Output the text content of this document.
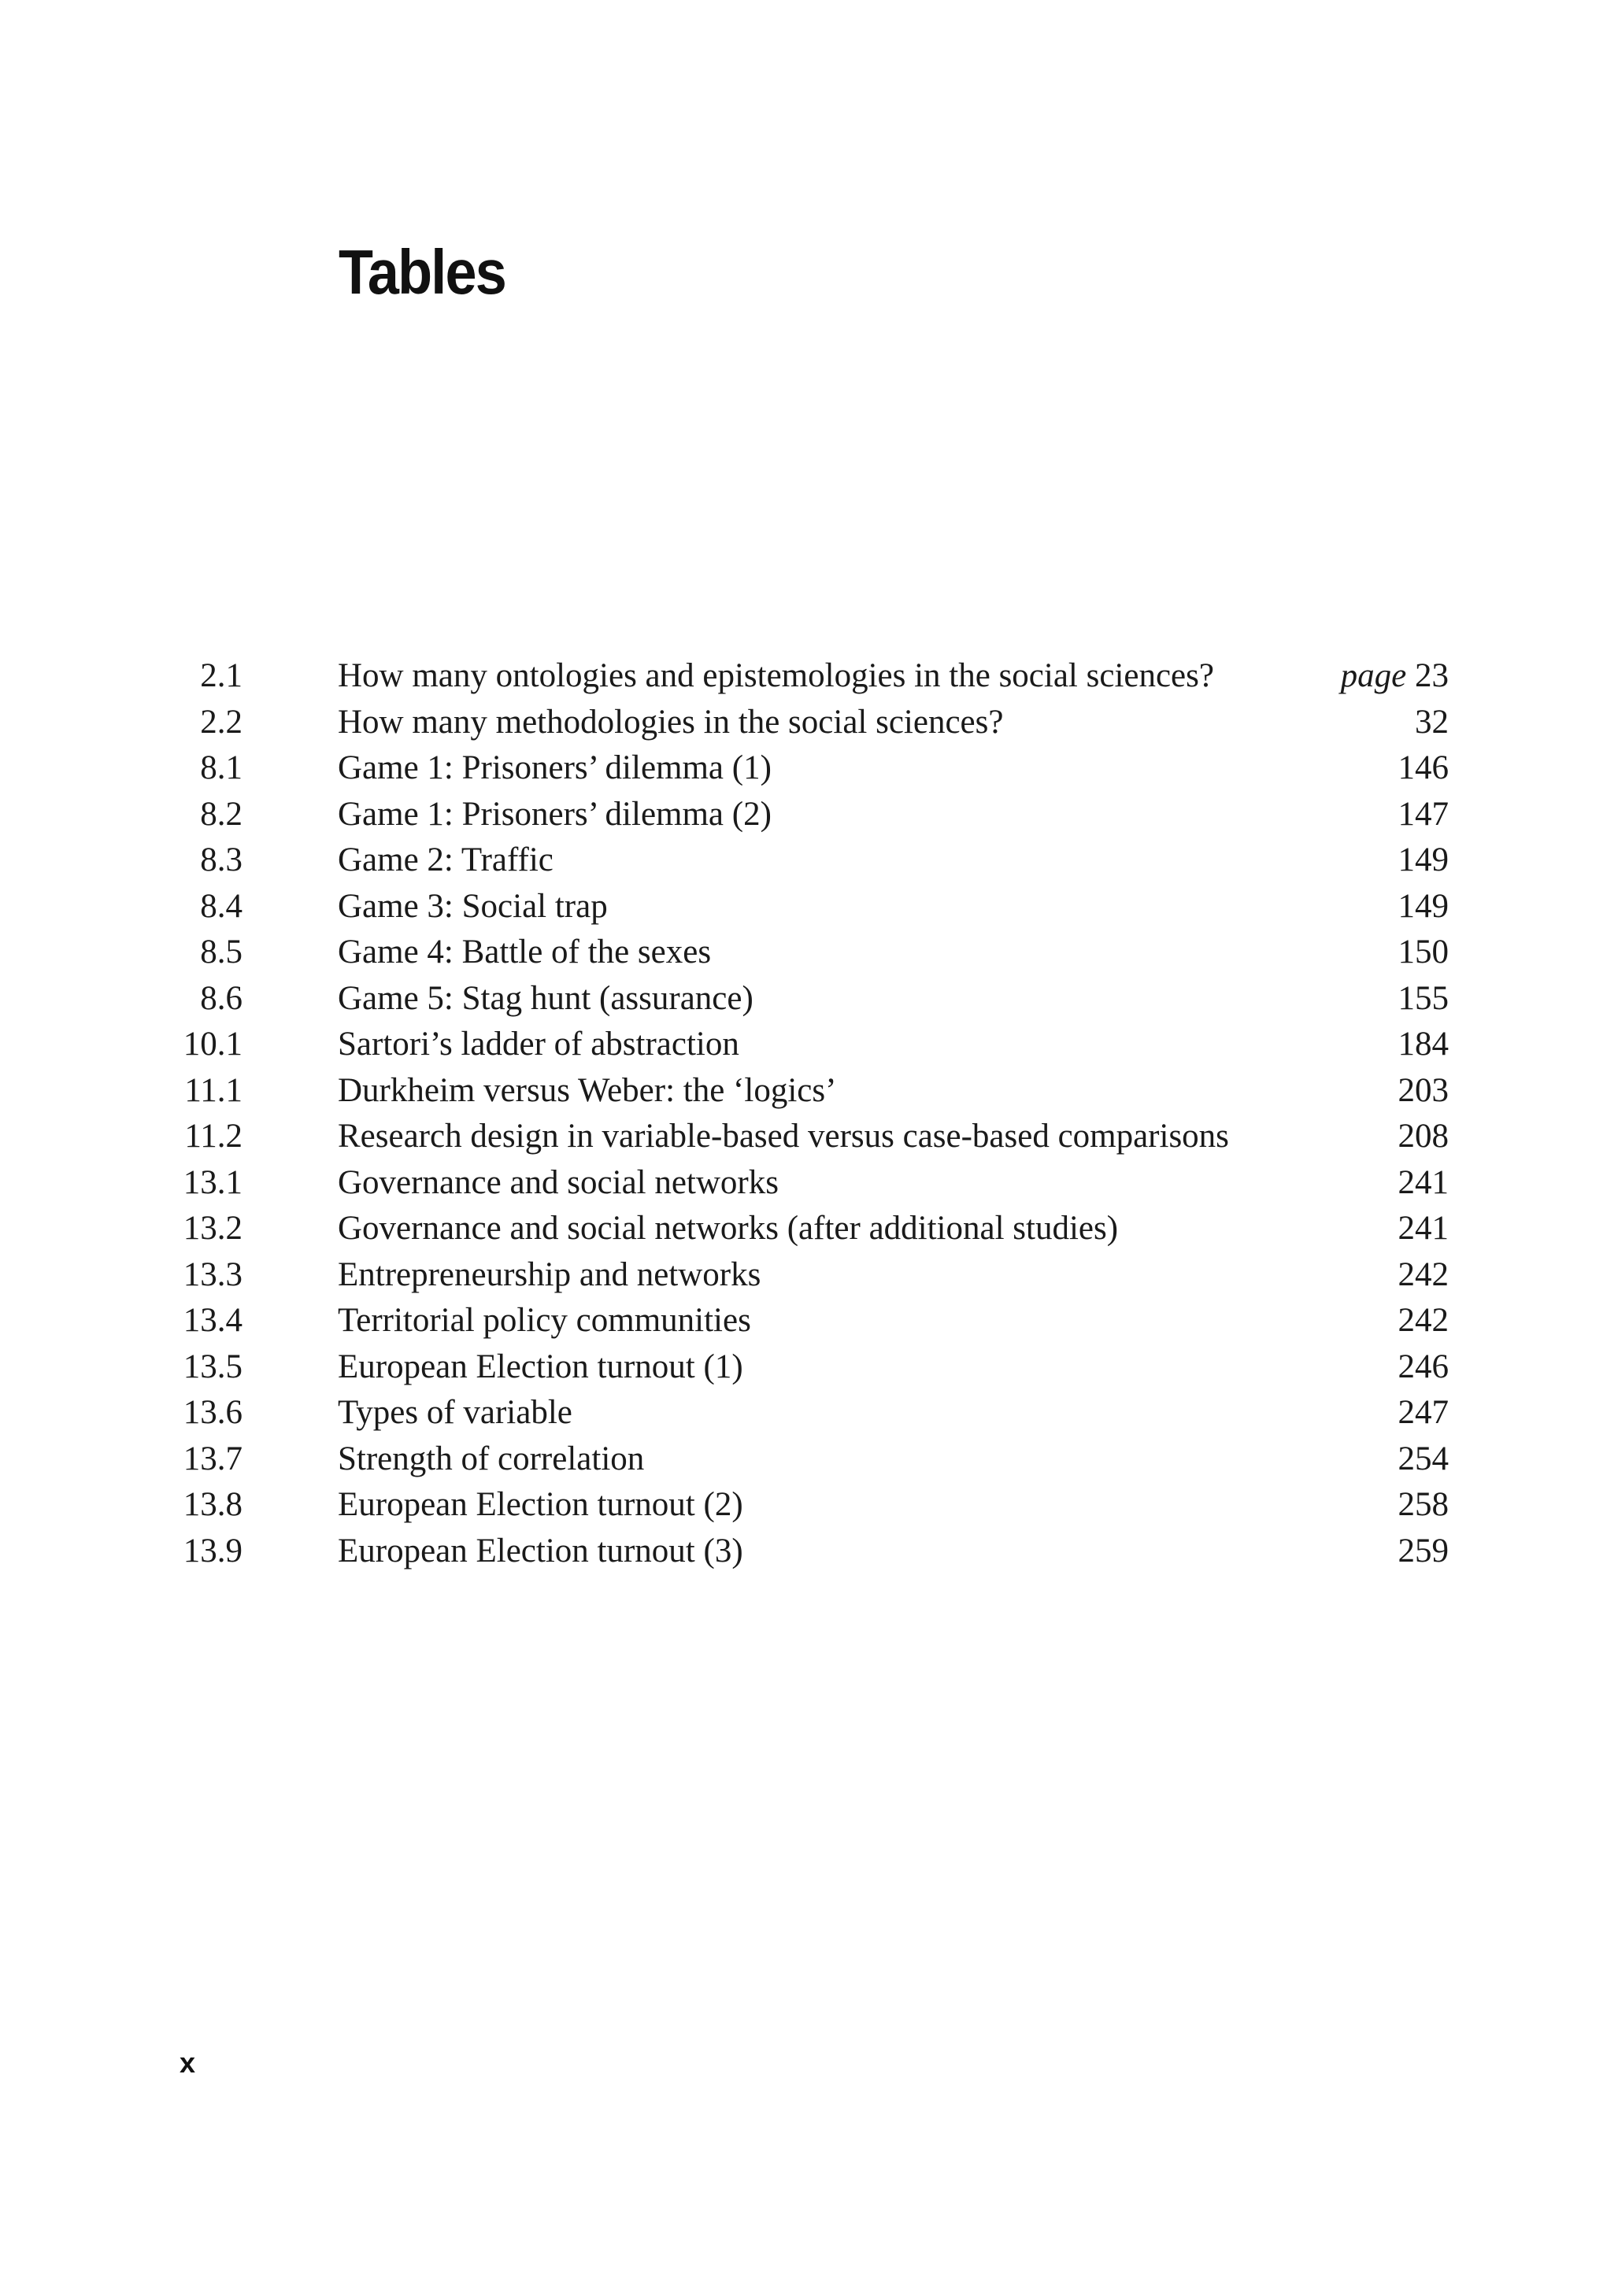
Tables
2.1	How many ontologies and epistemologies in the social sciences?	page 23
2.2	How many methodologies in the social sciences?	32
8.1	Game 1: Prisoners’ dilemma (1)	146
8.2	Game 1: Prisoners’ dilemma (2)	147
8.3	Game 2: Traffic	149
8.4	Game 3: Social trap	149
8.5	Game 4: Battle of the sexes	150
8.6	Game 5: Stag hunt (assurance)	155
10.1	Sartori’s ladder of abstraction	184
11.1	Durkheim versus Weber: the ‘logics’	203
11.2	Research design in variable-based versus case-based comparisons	208
13.1	Governance and social networks	241
13.2	Governance and social networks (after additional studies)	241
13.3	Entrepreneurship and networks	242
13.4	Territorial policy communities	242
13.5	European Election turnout (1)	246
13.6	Types of variable	247
13.7	Strength of correlation	254
13.8	European Election turnout (2)	258
13.9	European Election turnout (3)	259
x
